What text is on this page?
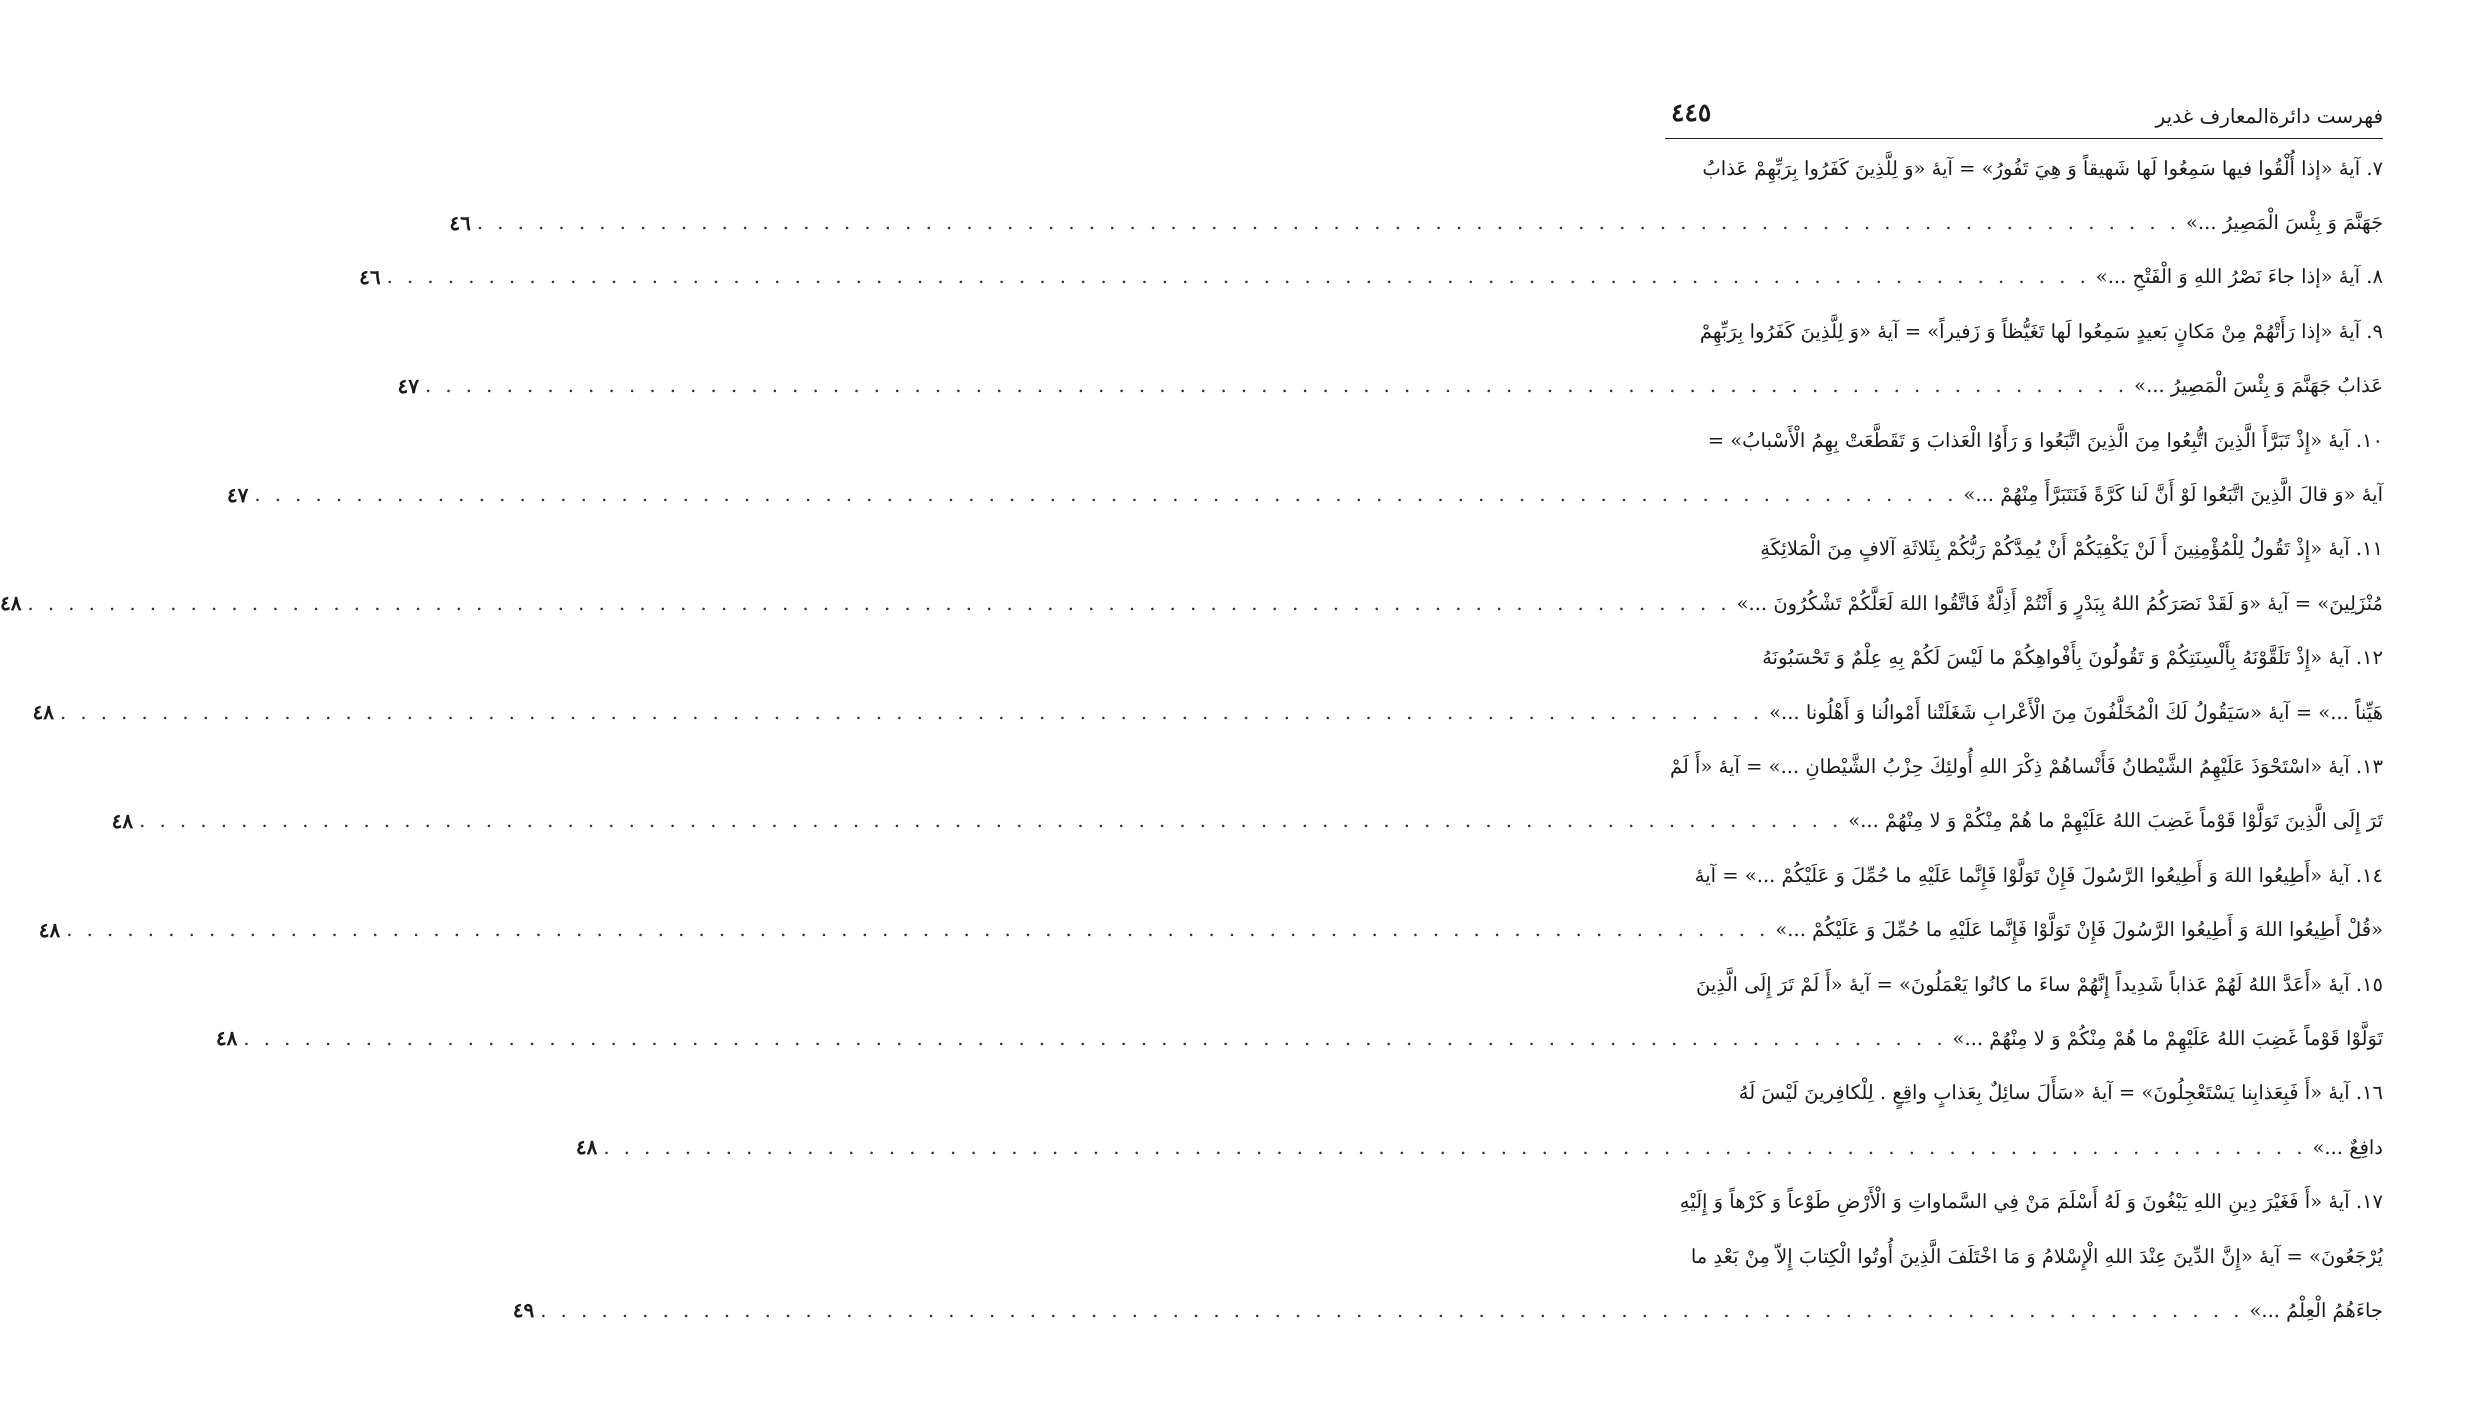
فهرست دائرةالمعارف غدير
٤٤٥
٧. آيهٔ «إذا أُلْقُوا فيها سَمِعُوا لَها شَهيقاً وَ هِيَ تَفُورُ» = آيهٔ «وَ لِلَّذِينَ كَفَرُوا بِرَبِّهِمْ عَذابُ
جَهَنَّمَ وَ بِئْسَ الْمَصِيرُ ...»
. . . . . . . . . . . . . . . . . . . . . . . . . . . . . . . . . . . . . . . . . . . . . . . . . . . . . . . . . . . . . . . . . . . . . . . . . . . . . . . . . . . .
٤٦
٨. آيهٔ «إذا جاءَ نَصْرُ اللهِ وَ الْفَتْحِ ...»
. . . . . . . . . . . . . . . . . . . . . . . . . . . . . . . . . . . . . . . . . . . . . . . . . . . . . . . . . . . . . . . . . . . . . . . . . . . . . . . . . . . .
٤٦
٩. آيهٔ «إذا رَأَتْهُمْ مِنْ مَكانٍ بَعيدٍ سَمِعُوا لَها تَغَيُّظاً وَ زَفيراً» = آيهٔ «وَ لِلَّذِينَ كَفَرُوا بِرَبِّهِمْ
عَذابُ جَهَنَّمَ وَ بِئْسَ الْمَصِيرُ ...»
. . . . . . . . . . . . . . . . . . . . . . . . . . . . . . . . . . . . . . . . . . . . . . . . . . . . . . . . . . . . . . . . . . . . . . . . . . . . . . . . . . . .
٤٧
١٠. آيهٔ «إِذْ تَبَرَّأَ الَّذِينَ اتُّبِعُوا مِنَ الَّذِينَ اتَّبَعُوا وَ رَأَوُا الْعَذابَ وَ تَقَطَّعَتْ بِهِمُ الْأَسْبابُ» =
آيهٔ «وَ قالَ الَّذِينَ اتَّبَعُوا لَوْ أَنَّ لَنا كَرَّةً فَنَتَبَرَّأَ مِنْهُمْ ...»
. . . . . . . . . . . . . . . . . . . . . . . . . . . . . . . . . . . . . . . . . . . . . . . . . . . . . . . . . . . . . . . . . . . . . . . . . . . . . . . . . . . .
٤٧
١١. آيهٔ «إِذْ تَقُولُ لِلْمُؤْمِنِينَ أَ لَنْ يَكْفِيَكُمْ أَنْ يُمِدَّكُمْ رَبُّكُمْ بِثَلاثَةِ آلافٍ مِنَ الْمَلائِكَةِ
مُنْزَلِينَ» = آيهٔ «وَ لَقَدْ نَصَرَكُمُ اللهُ بِبَدْرٍ وَ أَنْتُمْ أَذِلَّةٌ فَاتَّقُوا اللهَ لَعَلَّكُمْ تَشْكُرُونَ ...»
. . . . . . . . . . . . . . . . . . . . . . . . . . . . . . . . . . . . . . . . . . . . . . . . . . . . . . . . . . . . . . . . . . . . . . . . . . . . . . . . . . . .
٤٨
١٢. آيهٔ «إِذْ تَلَقَّوْنَهُ بِأَلْسِنَتِكُمْ وَ تَقُولُونَ بِأَفْواهِكُمْ ما لَيْسَ لَكُمْ بِهِ عِلْمٌ وَ تَحْسَبُونَهُ
هَيِّناً ...» = آيهٔ «سَيَقُولُ لَكَ الْمُخَلَّفُونَ مِنَ الْأَعْرابِ شَغَلَتْنا أَمْوالُنا وَ أَهْلُونا ...»
. . . . . . . . . . . . . . . . . . . . . . . . . . . . . . . . . . . . . . . . . . . . . . . . . . . . . . . . . . . . . . . . . . . . . . . . . . . . . . . . . . . .
٤٨
١٣. آيهٔ «اسْتَحْوَذَ عَلَيْهِمُ الشَّيْطانُ فَأَنْساهُمْ ذِكْرَ اللهِ أُولئِكَ حِزْبُ الشَّيْطانِ ...» = آيهٔ «أَ لَمْ
تَرَ إِلَى الَّذِينَ تَوَلَّوْا قَوْماً غَضِبَ اللهُ عَلَيْهِمْ ما هُمْ مِنْكُمْ وَ لا مِنْهُمْ ...»
. . . . . . . . . . . . . . . . . . . . . . . . . . . . . . . . . . . . . . . . . . . . . . . . . . . . . . . . . . . . . . . . . . . . . . . . . . . . . . . . . . . .
٤٨
١٤. آيهٔ «أَطِيعُوا اللهَ وَ أَطِيعُوا الرَّسُولَ فَإِنْ تَوَلَّوْا فَإِنَّما عَلَيْهِ ما حُمِّلَ وَ عَلَيْكُمْ ...» = آيهٔ
«قُلْ أَطِيعُوا اللهَ وَ أَطِيعُوا الرَّسُولَ فَإِنْ تَوَلَّوْا فَإِنَّما عَلَيْهِ ما حُمِّلَ وَ عَلَيْكُمْ ...»
. . . . . . . . . . . . . . . . . . . . . . . . . . . . . . . . . . . . . . . . . . . . . . . . . . . . . . . . . . . . . . . . . . . . . . . . . . . . . . . . . . . .
٤٨
١٥. آيهٔ «أَعَدَّ اللهُ لَهُمْ عَذاباً شَدِيداً إِنَّهُمْ ساءَ ما كانُوا يَعْمَلُونَ» = آيهٔ «أَ لَمْ تَرَ إِلَى الَّذِينَ
تَوَلَّوْا قَوْماً غَضِبَ اللهُ عَلَيْهِمْ ما هُمْ مِنْكُمْ وَ لا مِنْهُمْ ...»
. . . . . . . . . . . . . . . . . . . . . . . . . . . . . . . . . . . . . . . . . . . . . . . . . . . . . . . . . . . . . . . . . . . . . . . . . . . . . . . . . . . .
٤٨
١٦. آيهٔ «أَ فَبِعَذابِنا يَسْتَعْجِلُونَ» = آيهٔ «سَأَلَ سائِلٌ بِعَذابٍ واقِعٍ . لِلْكافِرينَ لَيْسَ لَهُ
دافِعٌ ...»
. . . . . . . . . . . . . . . . . . . . . . . . . . . . . . . . . . . . . . . . . . . . . . . . . . . . . . . . . . . . . . . . . . . . . . . . . . . . . . . . . . . .
٤٨
١٧. آيهٔ «أَ فَغَيْرَ دِينِ اللهِ يَبْغُونَ وَ لَهُ أَسْلَمَ مَنْ فِي السَّماواتِ وَ الْأَرْضِ طَوْعاً وَ كَرْهاً وَ إِلَيْهِ
يُرْجَعُونَ» = آيهٔ «إِنَّ الدِّينَ عِنْدَ اللهِ الْإِسْلامُ وَ مَا اخْتَلَفَ الَّذِينَ أُوتُوا الْكِتابَ إِلاّ مِنْ بَعْدِ ما
جاءَهُمُ الْعِلْمُ ...»
. . . . . . . . . . . . . . . . . . . . . . . . . . . . . . . . . . . . . . . . . . . . . . . . . . . . . . . . . . . . . . . . . . . . . . . . . . . . . . . . . . . .
٤٩
